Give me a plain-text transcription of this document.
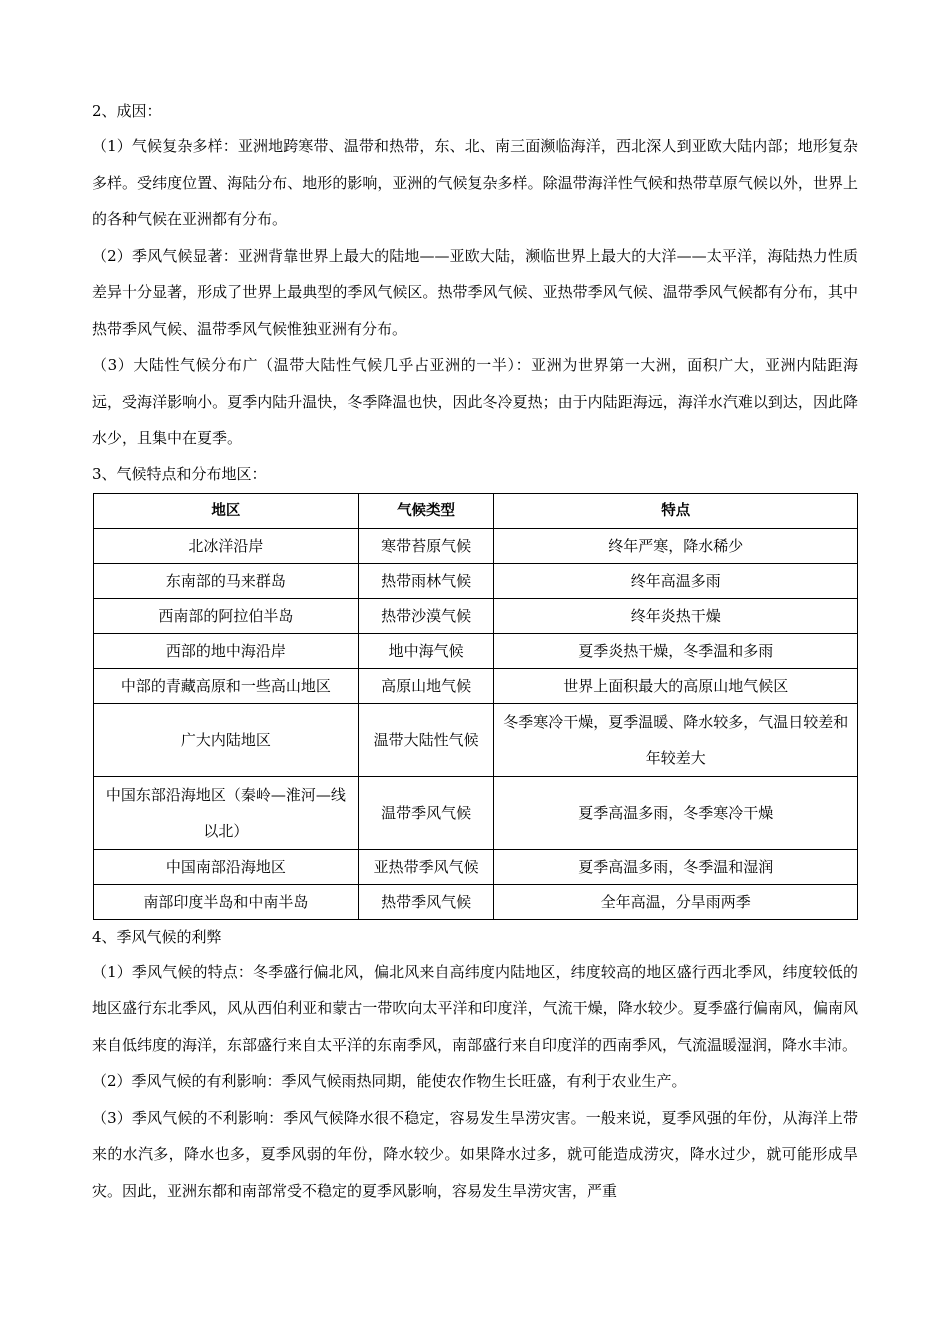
2、成因：

（1）气候复杂多样：亚洲地跨寒带、温带和热带，东、北、南三面濒临海洋，西北深人到亚欧大陆内部；地形复杂多样。受纬度位置、海陆分布、地形的影响，亚洲的气候复杂多样。除温带海洋性气候和热带草原气候以外，世界上的各种气候在亚洲都有分布。

（2）季风气候显著：亚洲背靠世界上最大的陆地——亚欧大陆，濒临世界上最大的大洋——太平洋，海陆热力性质差异十分显著，形成了世界上最典型的季风气候区。热带季风气候、亚热带季风气候、温带季风气候都有分布，其中热带季风气候、温带季风气候惟独亚洲有分布。

（3）大陆性气候分布广（温带大陆性气候几乎占亚洲的一半）：亚洲为世界第一大洲，面积广大，亚洲内陆距海远，受海洋影响小。夏季内陆升温快，冬季降温也快，因此冬冷夏热；由于内陆距海远，海洋水汽难以到达，因此降水少，且集中在夏季。

3、气候特点和分布地区：

地区	气候类型	特点
北冰洋沿岸	寒带苔原气候	终年严寒，降水稀少
东南部的马来群岛	热带雨林气候	终年高温多雨
西南部的阿拉伯半岛	热带沙漠气候	终年炎热干燥
西部的地中海沿岸	地中海气候	夏季炎热干燥，冬季温和多雨
中部的青藏高原和一些高山地区	高原山地气候	世界上面积最大的高原山地气候区
广大内陆地区	温带大陆性气候	冬季寒冷干燥，夏季温暖、降水较多，气温日较差和年较差大
中国东部沿海地区（秦岭—淮河—线以北）	温带季风气候	夏季高温多雨，冬季寒冷干燥
中国南部沿海地区	亚热带季风气候	夏季高温多雨，冬季温和湿润
南部印度半岛和中南半岛	热带季风气候	全年高温，分旱雨两季

4、季风气候的利弊

（1）季风气候的特点：冬季盛行偏北风，偏北风来自高纬度内陆地区，纬度较高的地区盛行西北季风，纬度较低的地区盛行东北季风，风从西伯利亚和蒙古一带吹向太平洋和印度洋，气流干燥，降水较少。夏季盛行偏南风，偏南风来自低纬度的海洋，东部盛行来自太平洋的东南季风，南部盛行来自印度洋的西南季风，气流温暖湿润，降水丰沛。

（2）季风气候的有利影响：季风气候雨热同期，能使农作物生长旺盛，有利于农业生产。

（3）季风气候的不利影响：季风气候降水很不稳定，容易发生旱涝灾害。一般来说，夏季风强的年份，从海洋上带来的水汽多，降水也多，夏季风弱的年份，降水较少。如果降水过多，就可能造成涝灾，降水过少，就可能形成旱灾。因此，亚洲东都和南部常受不稳定的夏季风影响，容易发生旱涝灾害，严重
